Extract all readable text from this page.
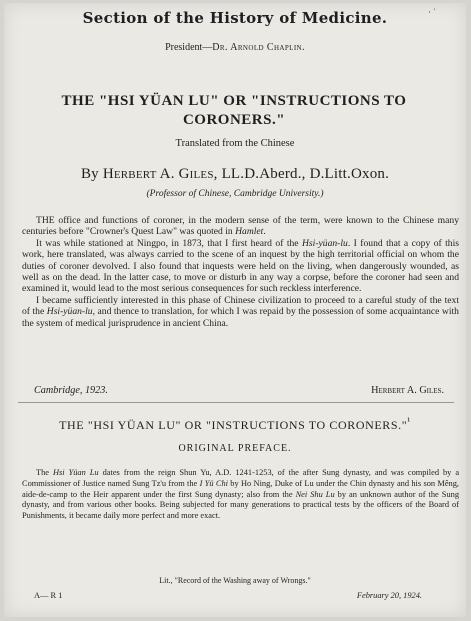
Section of the History of Medicine.	· ˈ
President—Dr. Arnold Chaplin.
THE "HSI YÜAN LU" OR "INSTRUCTIONS TO
CORONERS."
Translated from the Chinese
By Herbert A. Giles, LL.D.Aberd., D.Litt.Oxon.
(Professor of Chinese, Cambridge University.)

THE office and functions of coroner, in the modern sense of the term, were known to the Chinese many centuries before "Crowner's Quest Law" was quoted in Hamlet.

It was while stationed at Ningpo, in 1873, that I first heard of the Hsi-yüan-lu. I found that a copy of this work, here translated, was always carried to the scene of an inquest by the high territorial official on whom the duties of coroner devolved. I also found that inquests were held on the living, when dangerously wounded, as well as on the dead. In the latter case, to move or disturb in any way a corpse, before the coroner had seen and examined it, would lead to the most serious consequences for such reckless interference.

I became sufficiently interested in this phase of Chinese civilization to proceed to a careful study of the text of the Hsi-yüan-lu, and thence to translation, for which I was repaid by the possession of some acquaintance with the system of medical jurisprudence in ancient China.

Cambridge, 1923.	Herbert A. Giles.
THE "HSI YÜAN LU" OR "INSTRUCTIONS TO CORONERS."$^{^1}$
ORIGINAL PREFACE.

The Hsi Yüan Lu dates from the reign Shun Yu, A.D. 1241-1253, of the after Sung dynasty, and was compiled by a Commissioner of Justice named Sung Tz'u from the I Yü Chi by Ho Ning, Duke of Lu under the Chin dynasty and his son Mêng, aide-de-camp to the Heir apparent under the first Sung dynasty; also from the Nei Shu Lu by an unknown author of the Sung dynasty, and from various other books. Being subjected for many generations to practical tests by the officers of the Board of Punishments, it became daily more perfect and more exact.

Lit., "Record of the Washing away of Wrongs."
A— R 1	February 20, 1924.
